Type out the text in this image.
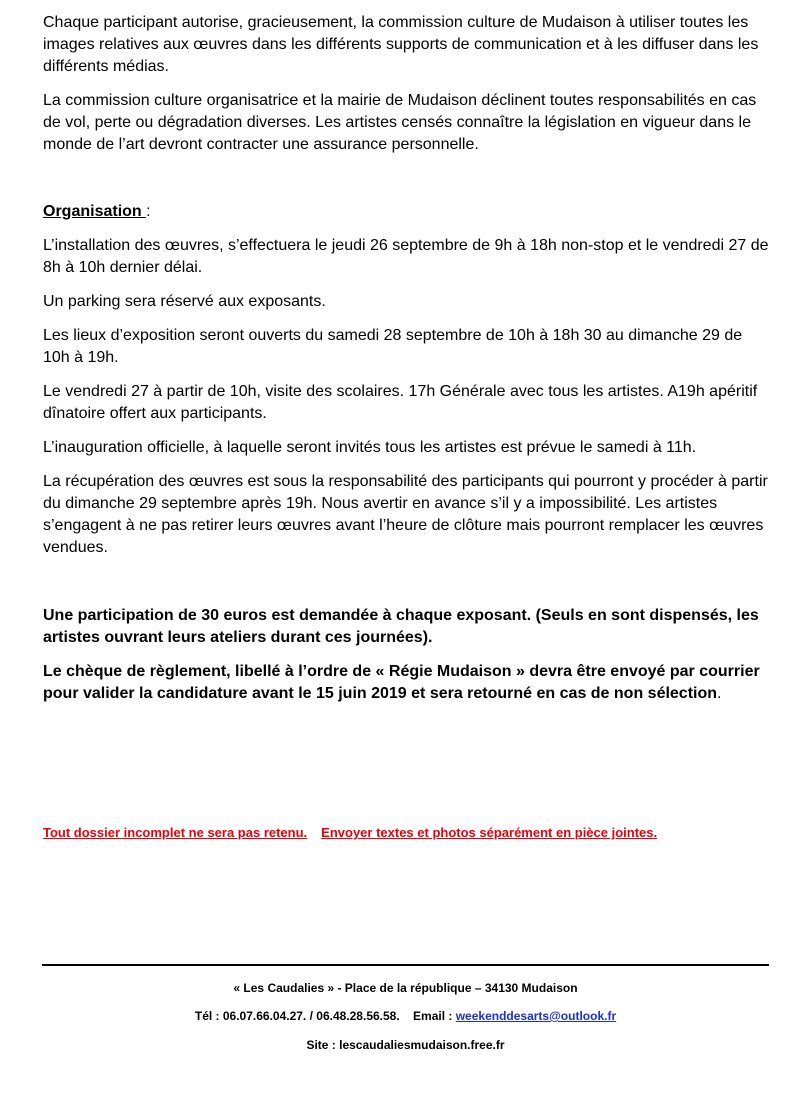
Chaque participant autorise, gracieusement, la commission culture de Mudaison à utiliser toutes les images relatives aux œuvres dans les différents supports de communication et à les diffuser dans les différents médias.

La commission culture organisatrice et la mairie de Mudaison déclinent toutes responsabilités en cas de vol, perte ou dégradation diverses. Les artistes censés connaître la législation en vigueur dans le monde de l’art devront contracter une assurance personnelle.

Organisation :

L’installation des œuvres, s’effectuera le jeudi 26 septembre de 9h à 18h non-stop et le vendredi 27 de 8h à 10h dernier délai.

Un parking sera réservé aux exposants.

Les lieux d’exposition seront ouverts du samedi 28 septembre de 10h à 18h 30 au dimanche 29 de 10h à 19h.

Le vendredi 27 à partir de 10h, visite des scolaires. 17h Générale avec tous les artistes. A19h apéritif dînatoire offert aux participants.

L’inauguration officielle, à laquelle seront invités tous les artistes est prévue le samedi à 11h.

La récupération des œuvres est sous la responsabilité des participants qui pourront y procéder à partir du dimanche 29 septembre après 19h. Nous avertir en avance s’il y a impossibilité. Les artistes s’engagent à ne pas retirer leurs œuvres avant l’heure de clôture mais pourront remplacer les œuvres vendues.

Une participation de 30 euros est demandée à chaque exposant. (Seuls en sont dispensés, les artistes ouvrant leurs ateliers durant ces journées).

Le chèque de règlement, libellé à l’ordre de « Régie Mudaison » devra être envoyé par courrier pour valider la candidature avant le 15 juin 2019 et sera retourné en cas de non sélection.

Tout dossier incomplet ne sera pas retenu. Envoyer textes et photos séparément en pièce jointes.
« Les Caudalies » - Place de la république – 34130 Mudaison
Tél : 06.07.66.04.27. / 06.48.28.56.58. Email : weekenddesarts@outlook.fr
Site : lescaudaliesmudaison.free.fr
